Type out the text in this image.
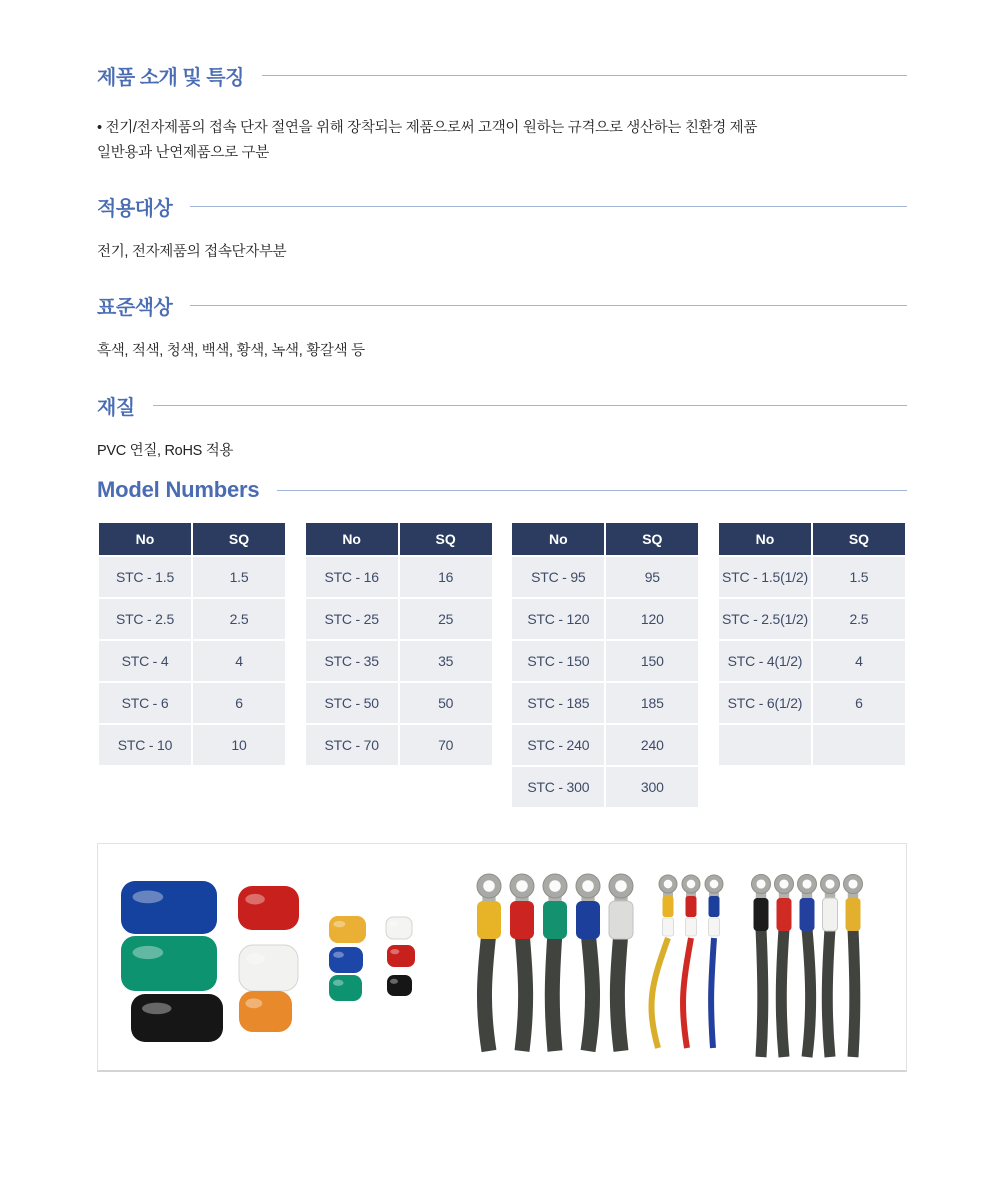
제품 소개 및 특징

• 전기/전자제품의 접속 단자 절연을 위해 장착되는 제품으로써 고객이 원하는 규격으로 생산하는 친환경 제품
일반용과 난연제품으로 구분

적용대상

전기, 전자제품의 접속단자부분

표준색상

흑색, 적색, 청색, 백색, 황색, 녹색, 황갈색 등

재질

PVC 연질, RoHS 적용

Model Numbers
No	SQ
STC - 1.5	1.5
STC - 2.5	2.5
STC - 4	4
STC - 6	6
STC - 10	10
No	SQ
STC - 16	16
STC - 25	25
STC - 35	35
STC - 50	50
STC - 70	70
No	SQ
STC - 95	95
STC - 120	120
STC - 150	150
STC - 185	185
STC - 240	240
STC - 300	300
No	SQ
STC - 1.5(1/2)	1.5
STC - 2.5(1/2)	2.5
STC - 4(1/2)	4
STC - 6(1/2)	6
